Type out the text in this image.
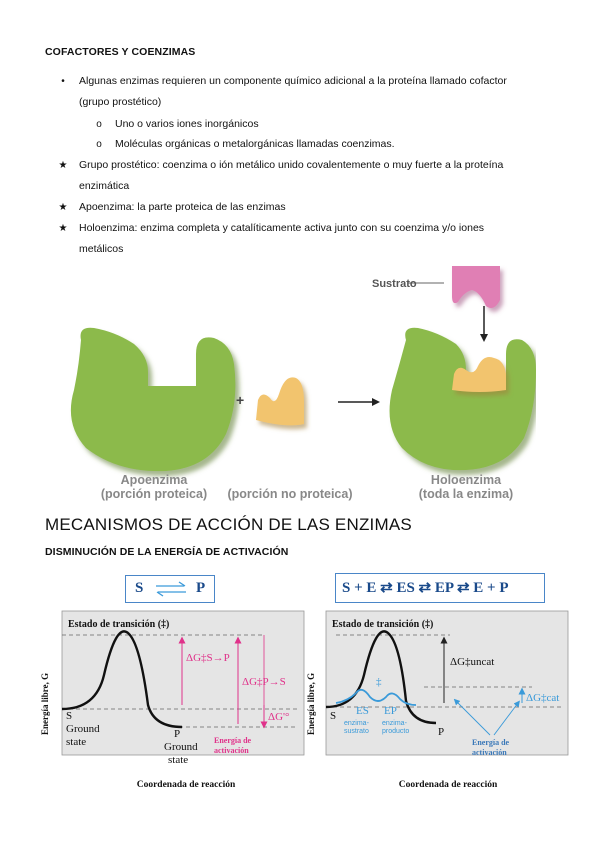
COFACTORES Y COENZIMAS
•	Algunas enzimas requieren un componente químico adicional a la proteína llamado cofactor
(grupo prostético)
o Uno o varios iones inorgánicos
o Moléculas orgánicas o metalorgánicas llamadas coenzimas.
★ Grupo prostético: coenzima o ión metálico unido covalentemente o muy fuerte a la proteína
enzimática
★ Apoenzima: la parte proteica de las enzimas
★ Holoenzima: enzima completa y catalíticamente activa junto con su coenzima y/o iones
metálicos
+
Sustrato
Apoenzima
(porción proteica) (porción no proteica)
Holoenzima
(toda la enzima)
MECANISMOS DE ACCIÓN DE LAS ENZIMAS
DISMINUCIÓN DE LA ENERGÍA DE ACTIVACIÓN
S ⇌ P	S + E ⇄ ES ⇄ EP ⇄ E + P
Estado de transición (‡)
ΔG‡S→P
ΔG‡P→S
ΔG'°
Energía de
activación
S
Ground
state
P
Ground
state
Energía libre, G
Coordenada de reacción
Estado de transición (‡)
ΔG‡uncat
ΔG‡cat
‡
ES EP
enzima-
sustrato
enzima-
producto
Energía de
activación
S
P
Energía libre, G
Coordenada de reacción
